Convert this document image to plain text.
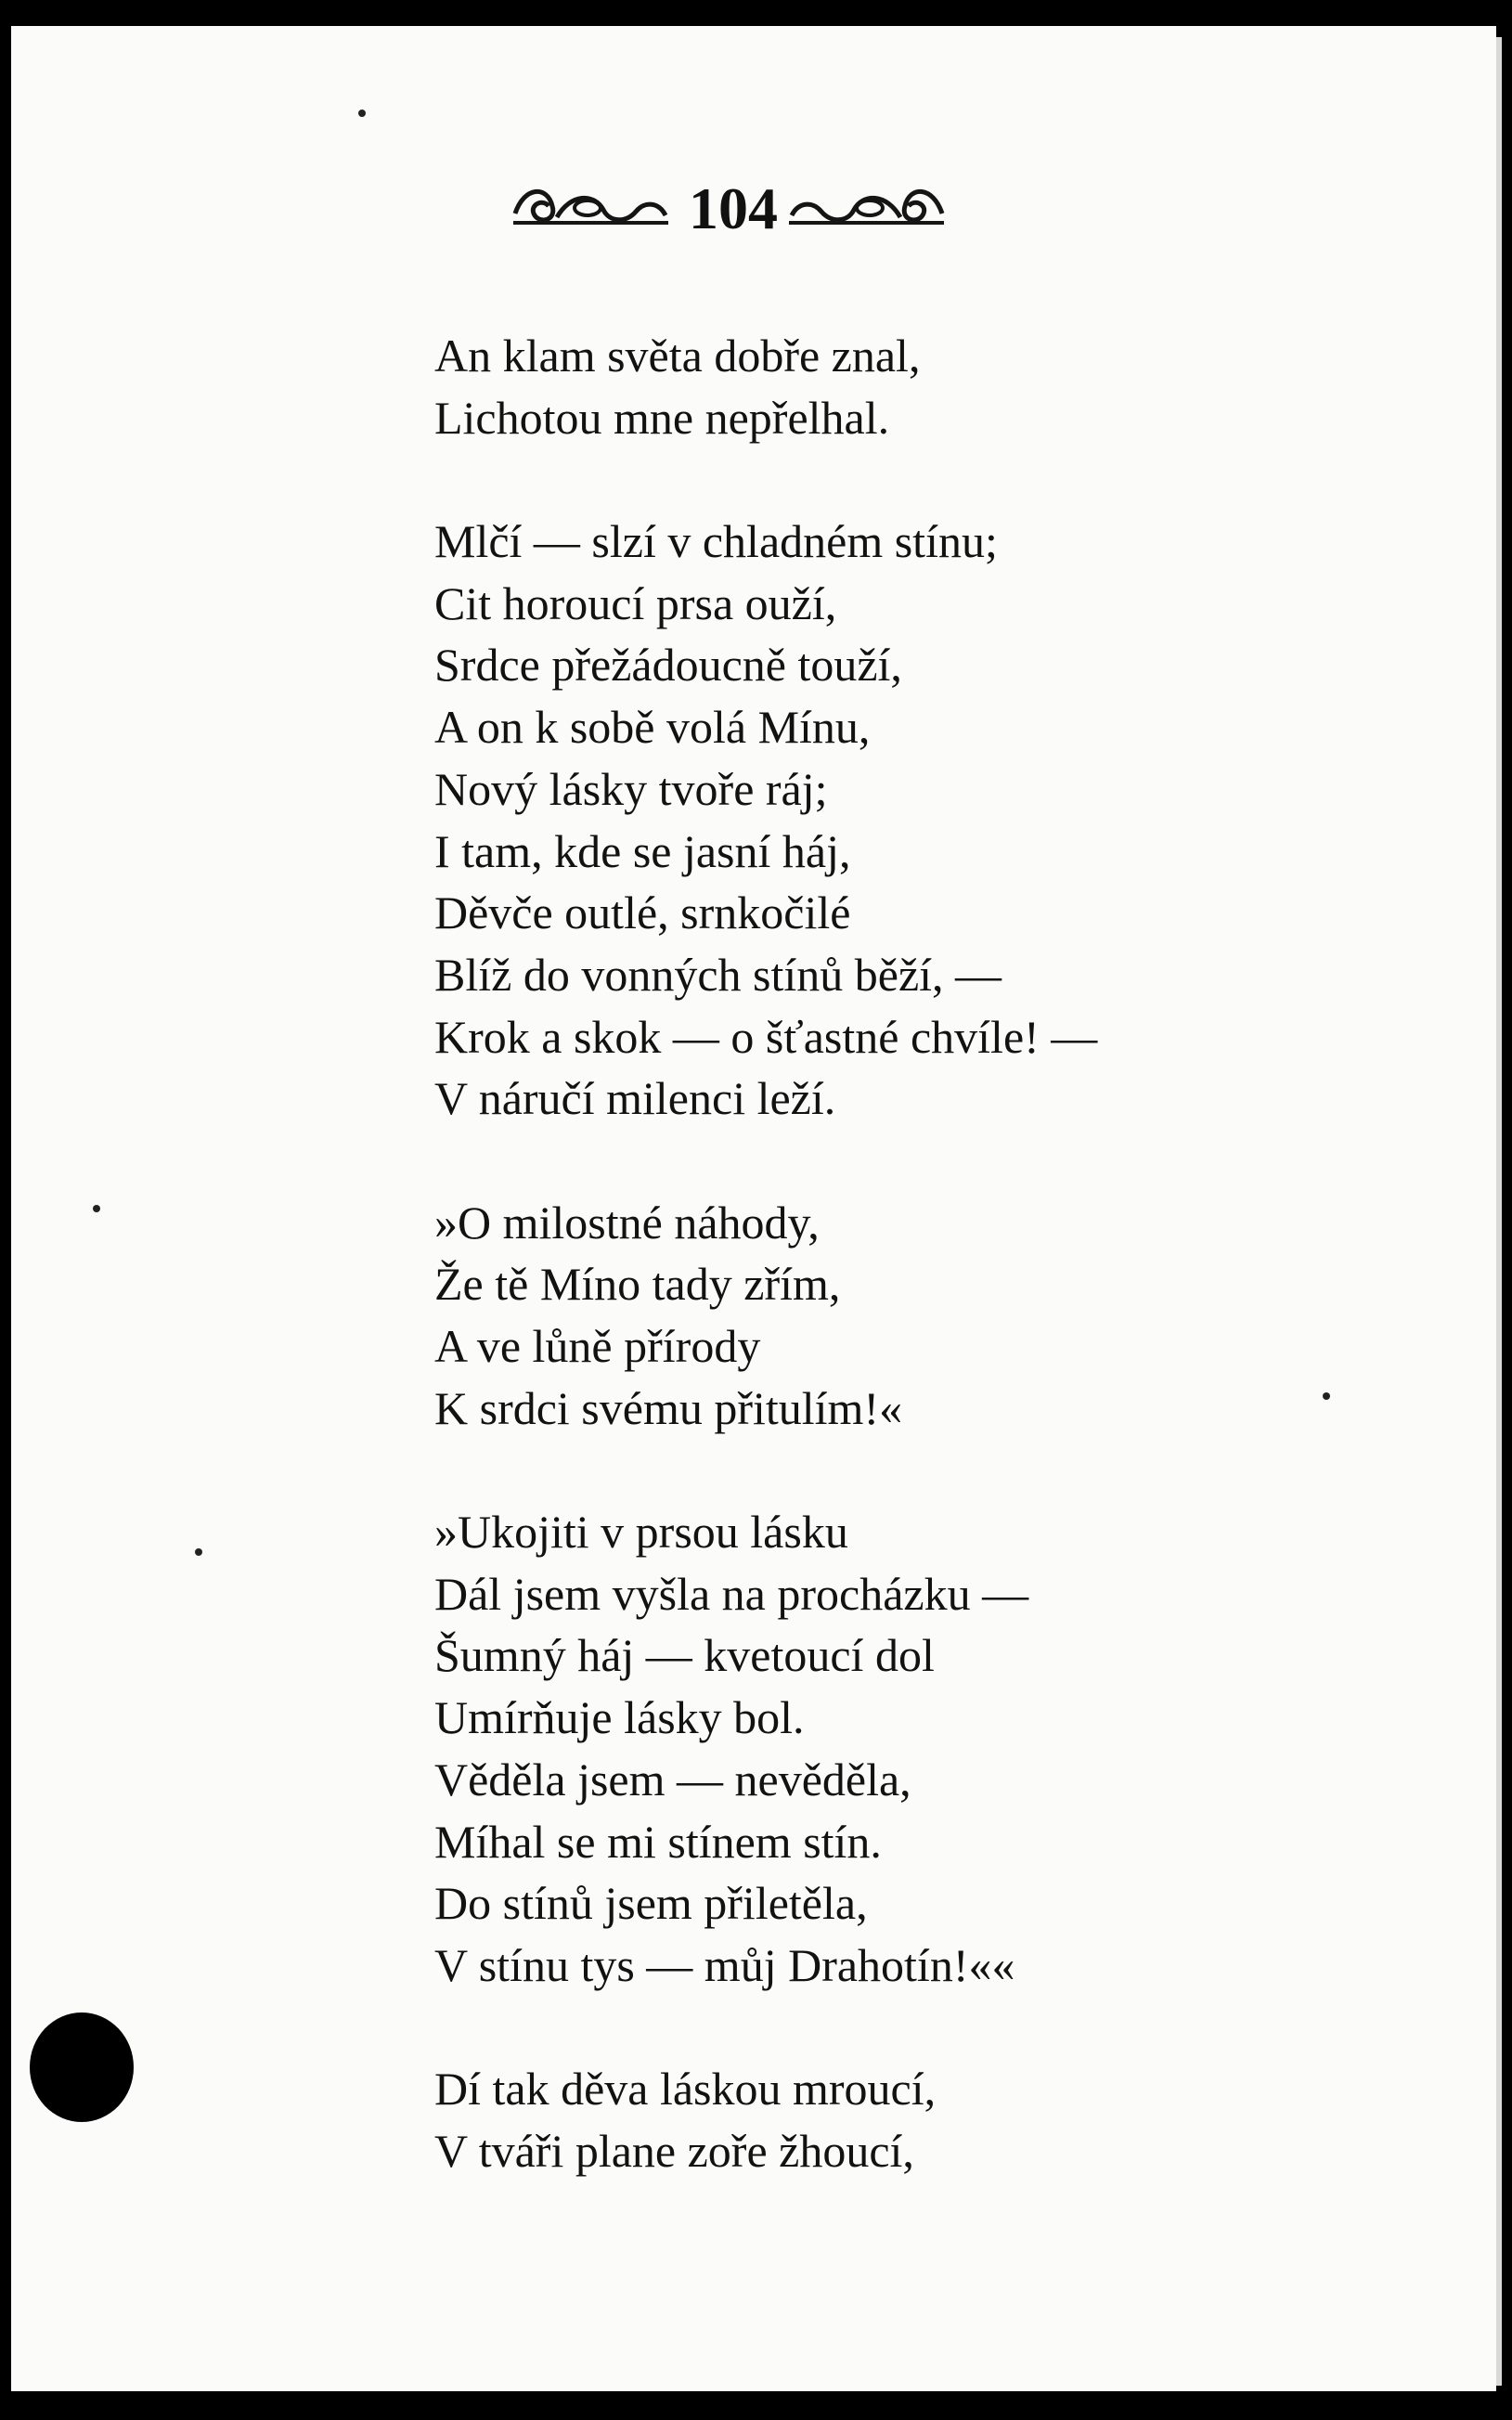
104
An klam světa dobře znal,
Lichotou mne nepřelhal.
Mlčí — slzí v chladném stínu;
Cit horoucí prsa ouží,
Srdce přežádoucně touží,
A on k sobě volá Mínu,
Nový lásky tvoře ráj;
I tam, kde se jasní háj,
Děvče outlé, srnkočilé
Blíž do vonných stínů běží, —
Krok a skok — o šťastné chvíle! —
V náručí milenci leží.
»O milostné náhody,
Že tě Míno tady zřím,
A ve lůně přírody
K srdci svému přitulím!«
»Ukojiti v prsou lásku
Dál jsem vyšla na procházku —
Šumný háj — kvetoucí dol
Umírňuje lásky bol.
Věděla jsem — nevěděla,
Míhal se mi stínem stín.
Do stínů jsem přiletěla,
V stínu tys — můj Drahotín!««
Dí tak děva láskou mroucí,
V tváři plane zoře žhoucí,
